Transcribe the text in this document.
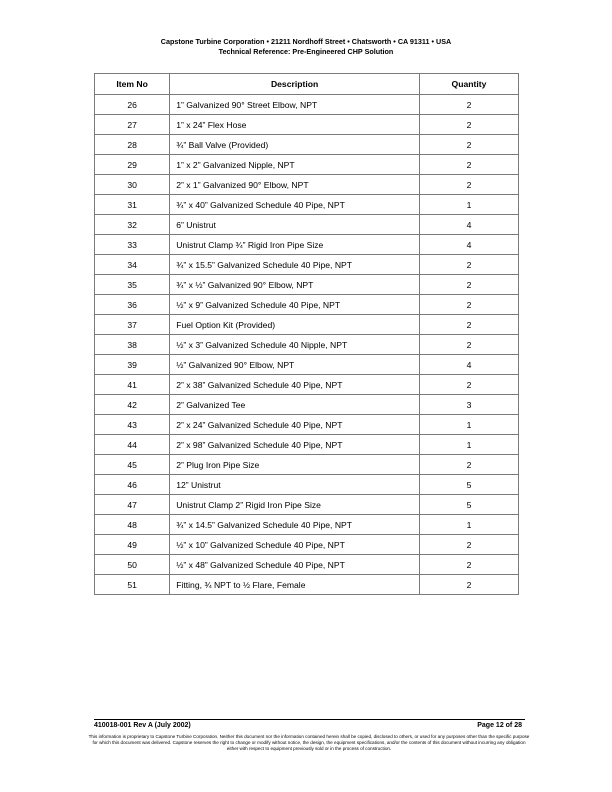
Capstone Turbine Corporation • 21211 Nordhoff Street • Chatsworth • CA 91311 • USA
Technical Reference: Pre-Engineered CHP Solution
Item No	Description	Quantity
26	1” Galvanized 90° Street Elbow, NPT	2
27	1” x 24” Flex Hose	2
28	¾” Ball Valve (Provided)	2
29	1” x 2” Galvanized Nipple, NPT	2
30	2” x 1” Galvanized 90° Elbow, NPT	2
31	¾” x 40” Galvanized Schedule 40 Pipe, NPT	1
32	6” Unistrut	4
33	Unistrut Clamp ¾” Rigid Iron Pipe Size	4
34	¾” x 15.5” Galvanized Schedule 40 Pipe, NPT	2
35	¾” x ½” Galvanized 90° Elbow, NPT	2
36	½” x 9” Galvanized Schedule 40 Pipe, NPT	2
37	Fuel Option Kit (Provided)	2
38	½” x 3” Galvanized Schedule 40 Nipple, NPT	2
39	½” Galvanized 90° Elbow, NPT	4
41	2” x 38” Galvanized Schedule 40 Pipe, NPT	2
42	2” Galvanized Tee	3
43	2” x 24” Galvanized Schedule 40 Pipe, NPT	1
44	2” x 98” Galvanized Schedule 40 Pipe, NPT	1
45	2” Plug Iron Pipe Size	2
46	12” Unistrut	5
47	Unistrut Clamp 2” Rigid Iron Pipe Size	5
48	¾” x 14.5” Galvanized Schedule 40 Pipe, NPT	1
49	½” x 10” Galvanized Schedule 40 Pipe, NPT	2
50	½” x 48” Galvanized Schedule 40 Pipe, NPT	2
51	Fitting, ¾ NPT to ½ Flare, Female	2
410018-001 Rev A (July 2002)	Page 12 of 28
This information is proprietary to Capstone Turbine Corporation. Neither this document nor the information contained herein shall be copied, disclosed to others, or used for any purposes other than the specific purpose for which this document was delivered. Capstone reserves the right to change or modify without notice, the design, the equipment specifications, and/or the contents of this document without incurring any obligation either with respect to equipment previously sold or in the process of construction.
